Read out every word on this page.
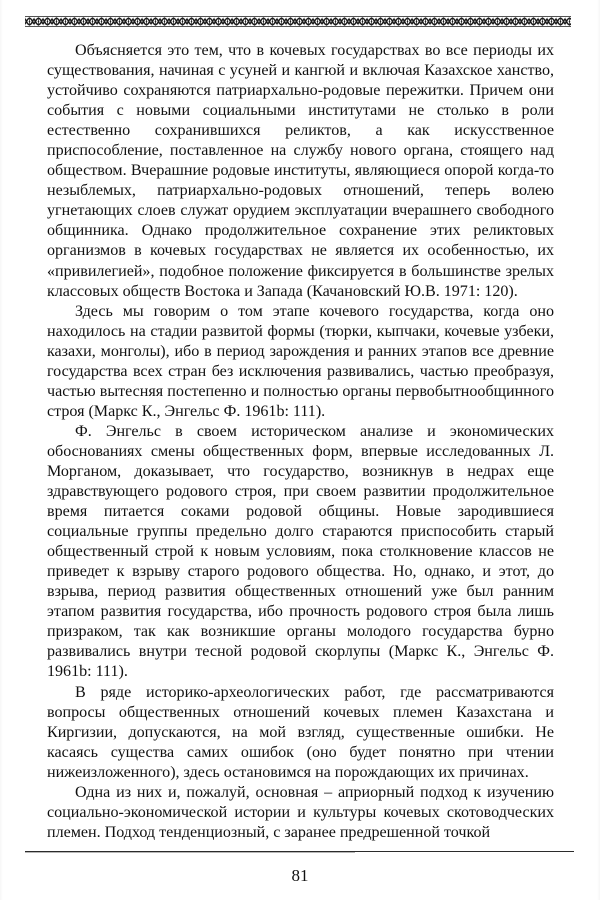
Объясняется это тем, что в кочевых государствах во все периоды их существования, начиная с усуней и кангюй и включая Казахское ханство, устойчиво сохраняются патриархально-родовые пережитки. Причем они события с новыми социальными институтами не столько в роли естественно сохранившихся реликтов, а как искусственное приспособление, поставленное на службу нового органа, стоящего над обществом. Вчерашние родовые институты, являющиеся опорой когда-то незыблемых, патриархально-родовых отношений, теперь волею угнетающих слоев служат орудием эксплуатации вчерашнего свободного общинника. Однако продолжительное сохранение этих реликтовых организмов в кочевых государствах не является их особенностью, их «привилегией», подобное положение фиксируется в большинстве зрелых классовых обществ Востока и Запада (Качановский Ю.В. 1971: 120).

Здесь мы говорим о том этапе кочевого государства, когда оно находилось на стадии развитой формы (тюрки, кыпчаки, кочевые узбеки, казахи, монголы), ибо в период зарождения и ранних этапов все древние государства всех стран без исключения развивались, частью преобразуя, частью вытесняя постепенно и полностью органы первобытнообщинного строя (Маркс К., Энгельс Ф. 1961b: 111).

Ф. Энгельс в своем историческом анализе и экономических обоснованиях смены общественных форм, впервые исследованных Л. Морганом, доказывает, что государство, возникнув в недрах еще здравствующего родового строя, при своем развитии продолжительное время питается соками родовой общины. Новые зародившиеся социальные группы предельно долго стараются приспособить старый общественный строй к новым условиям, пока столкновение классов не приведет к взрыву старого родового общества. Но, однако, и этот, до взрыва, период развития общественных отношений уже был ранним этапом развития государства, ибо прочность родового строя была лишь призраком, так как возникшие органы молодого государства бурно развивались внутри тесной родовой скорлупы (Маркс К., Энгельс Ф. 1961b: 111).

В ряде историко-археологических работ, где рассматриваются вопросы общественных отношений кочевых племен Казахстана и Киргизии, допускаются, на мой взгляд, существенные ошибки. Не касаясь существа самих ошибок (оно будет понятно при чтении нижеизложенного), здесь остановимся на порождающих их причинах.

Одна из них и, пожалуй, основная – априорный подход к изучению социально-экономической истории и культуры кочевых скотоводческих племен. Подход тенденциозный, с заранее предрешенной точкой

81
